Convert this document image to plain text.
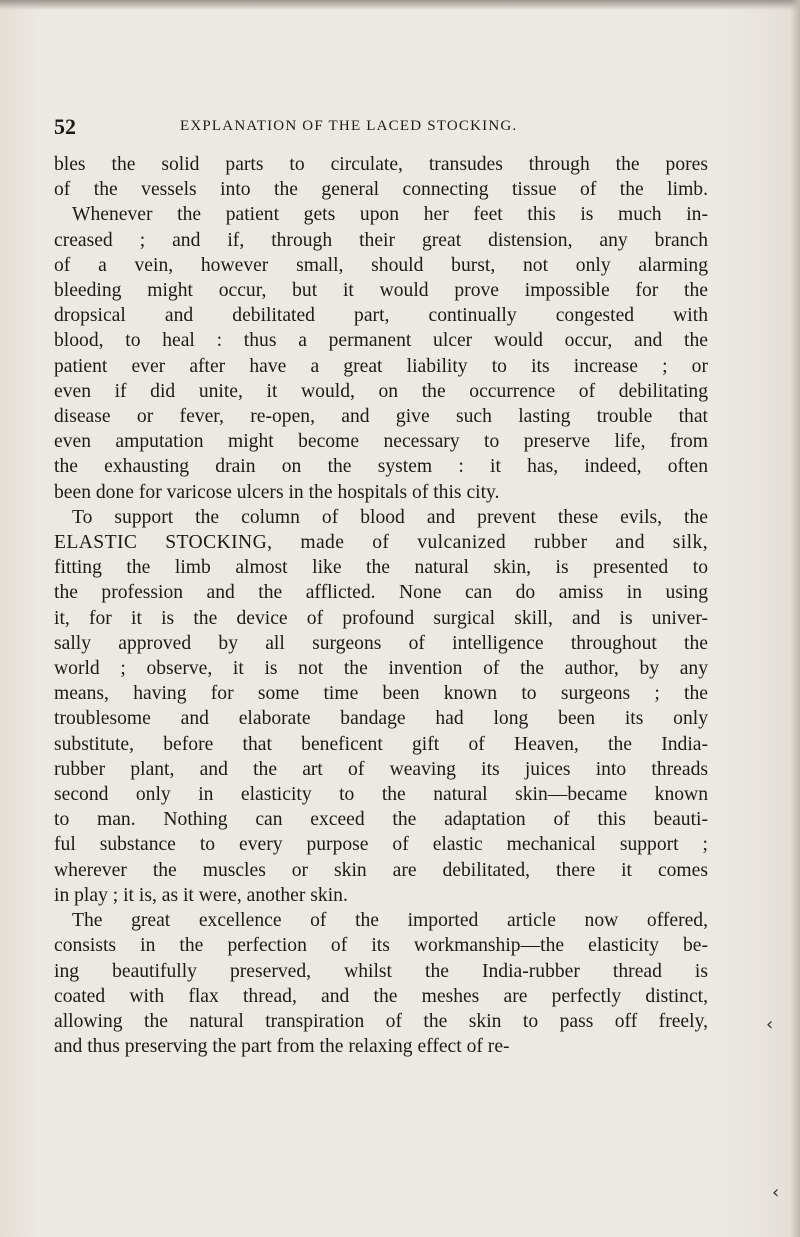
52	EXPLANATION OF THE LACED STOCKING.
bles the solid parts to circulate, transudes through the pores
of the vessels into the general connecting tissue of the limb.
Whenever the patient gets upon her feet this is much in-
creased ; and if, through their great distension, any branch
of a vein, however small, should burst, not only alarming
bleeding might occur, but it would prove impossible for the
dropsical and debilitated part, continually congested with
blood, to heal : thus a permanent ulcer would occur, and the
patient ever after have a great liability to its increase ; or
even if did unite, it would, on the occurrence of debilitating
disease or fever, re-open, and give such lasting trouble that
even amputation might become necessary to preserve life, from
the exhausting drain on the system : it has, indeed, often
been done for varicose ulcers in the hospitals of this city.
To support the column of blood and prevent these evils, the
ELASTIC STOCKING, made of vulcanized rubber and silk,
fitting the limb almost like the natural skin, is presented to
the profession and the afflicted. None can do amiss in using
it, for it is the device of profound surgical skill, and is univer-
sally approved by all surgeons of intelligence throughout the
world ; observe, it is not the invention of the author, by any
means, having for some time been known to surgeons ; the
troublesome and elaborate bandage had long been its only
substitute, before that beneficent gift of Heaven, the India-
rubber plant, and the art of weaving its juices into threads
second only in elasticity to the natural skin—became known
to man. Nothing can exceed the adaptation of this beauti-
ful substance to every purpose of elastic mechanical support ;
wherever the muscles or skin are debilitated, there it comes
in play ; it is, as it were, another skin.
The great excellence of the imported article now offered,
consists in the perfection of its workmanship—the elasticity be-
ing beautifully preserved, whilst the India-rubber thread is
coated with flax thread, and the meshes are perfectly distinct,
allowing the natural transpiration of the skin to pass off freely,
and thus preserving the part from the relaxing effect of re-
‹
‹
